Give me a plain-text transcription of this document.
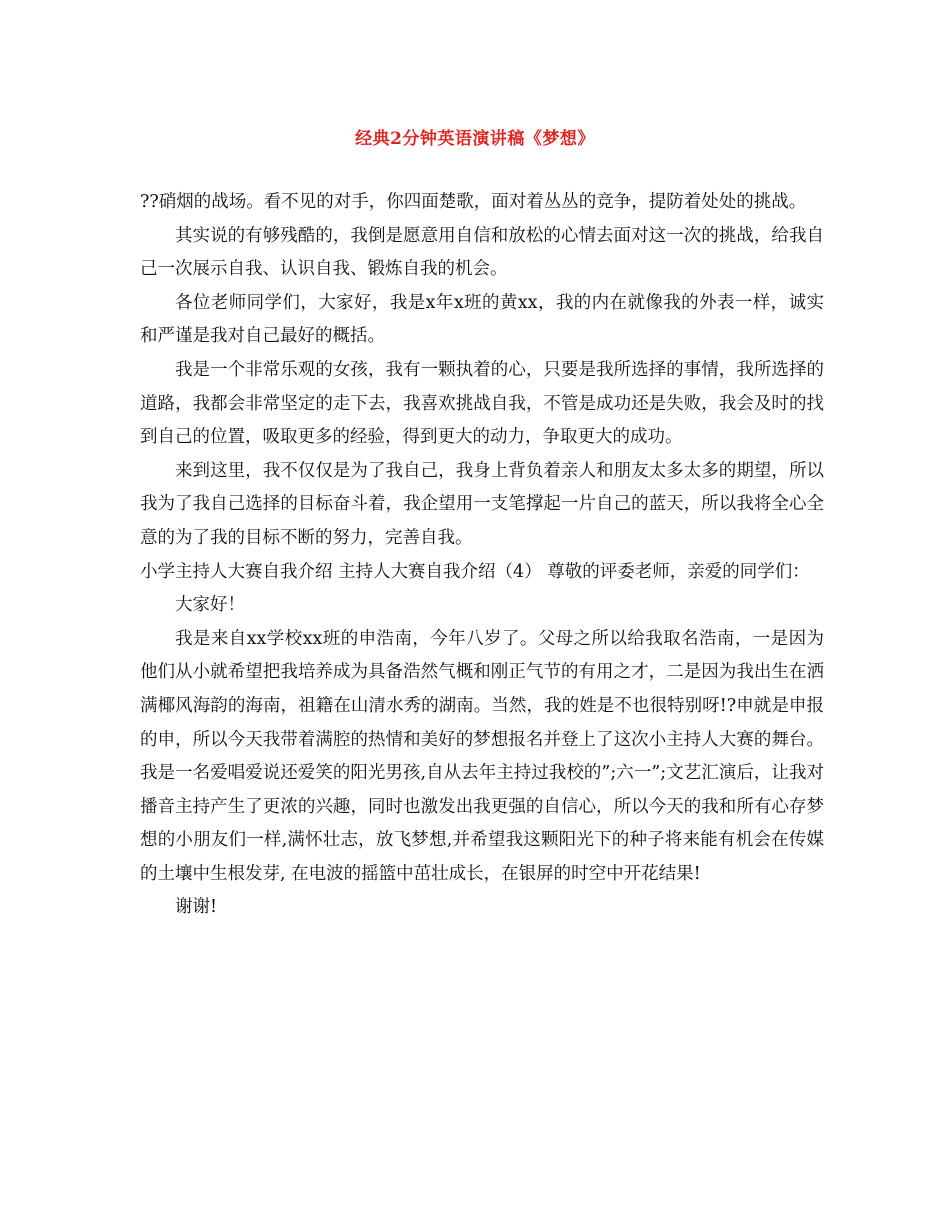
经典2分钟英语演讲稿《梦想》

??硝烟的战场。看不见的对手，你四面楚歌，面对着丛丛的竞争，提防着处处的挑战。

其实说的有够残酷的，我倒是愿意用自信和放松的心情去面对这一次的挑战，给我自己一次展示自我、认识自我、锻炼自我的机会。

各位老师同学们，大家好，我是x年x班的黄xx，我的内在就像我的外表一样，诚实和严谨是我对自己最好的概括。

我是一个非常乐观的女孩，我有一颗执着的心，只要是我所选择的事情，我所选择的道路，我都会非常坚定的走下去，我喜欢挑战自我，不管是成功还是失败，我会及时的找到自己的位置，吸取更多的经验，得到更大的动力，争取更大的成功。

来到这里，我不仅仅是为了我自己，我身上背负着亲人和朋友太多太多的期望，所以我为了我自己选择的目标奋斗着，我企望用一支笔撑起一片自己的蓝天，所以我将全心全意的为了我的目标不断的努力，完善自我。

小学主持人大赛自我介绍 主持人大赛自我介绍（4） 尊敬的评委老师，亲爱的同学们：

大家好！

我是来自xx学校xx班的申浩南，今年八岁了。父母之所以给我取名浩南，一是因为他们从小就希望把我培养成为具备浩然气概和刚正气节的有用之才，二是因为我出生在洒满椰风海韵的海南，祖籍在山清水秀的湖南。当然，我的姓是不也很特别呀!?申就是申报的申，所以今天我带着满腔的热情和美好的梦想报名并登上了这次小主持人大赛的舞台。我是一名爱唱爱说还爱笑的阳光男孩,自从去年主持过我校的”;六一”;文艺汇演后，让我对播音主持产生了更浓的兴趣，同时也激发出我更强的自信心，所以今天的我和所有心存梦想的小朋友们一样,满怀壮志，放飞梦想,并希望我这颗阳光下的种子将来能有机会在传媒的土壤中生根发芽, 在电波的摇篮中茁壮成长，在银屏的时空中开花结果!

谢谢!
